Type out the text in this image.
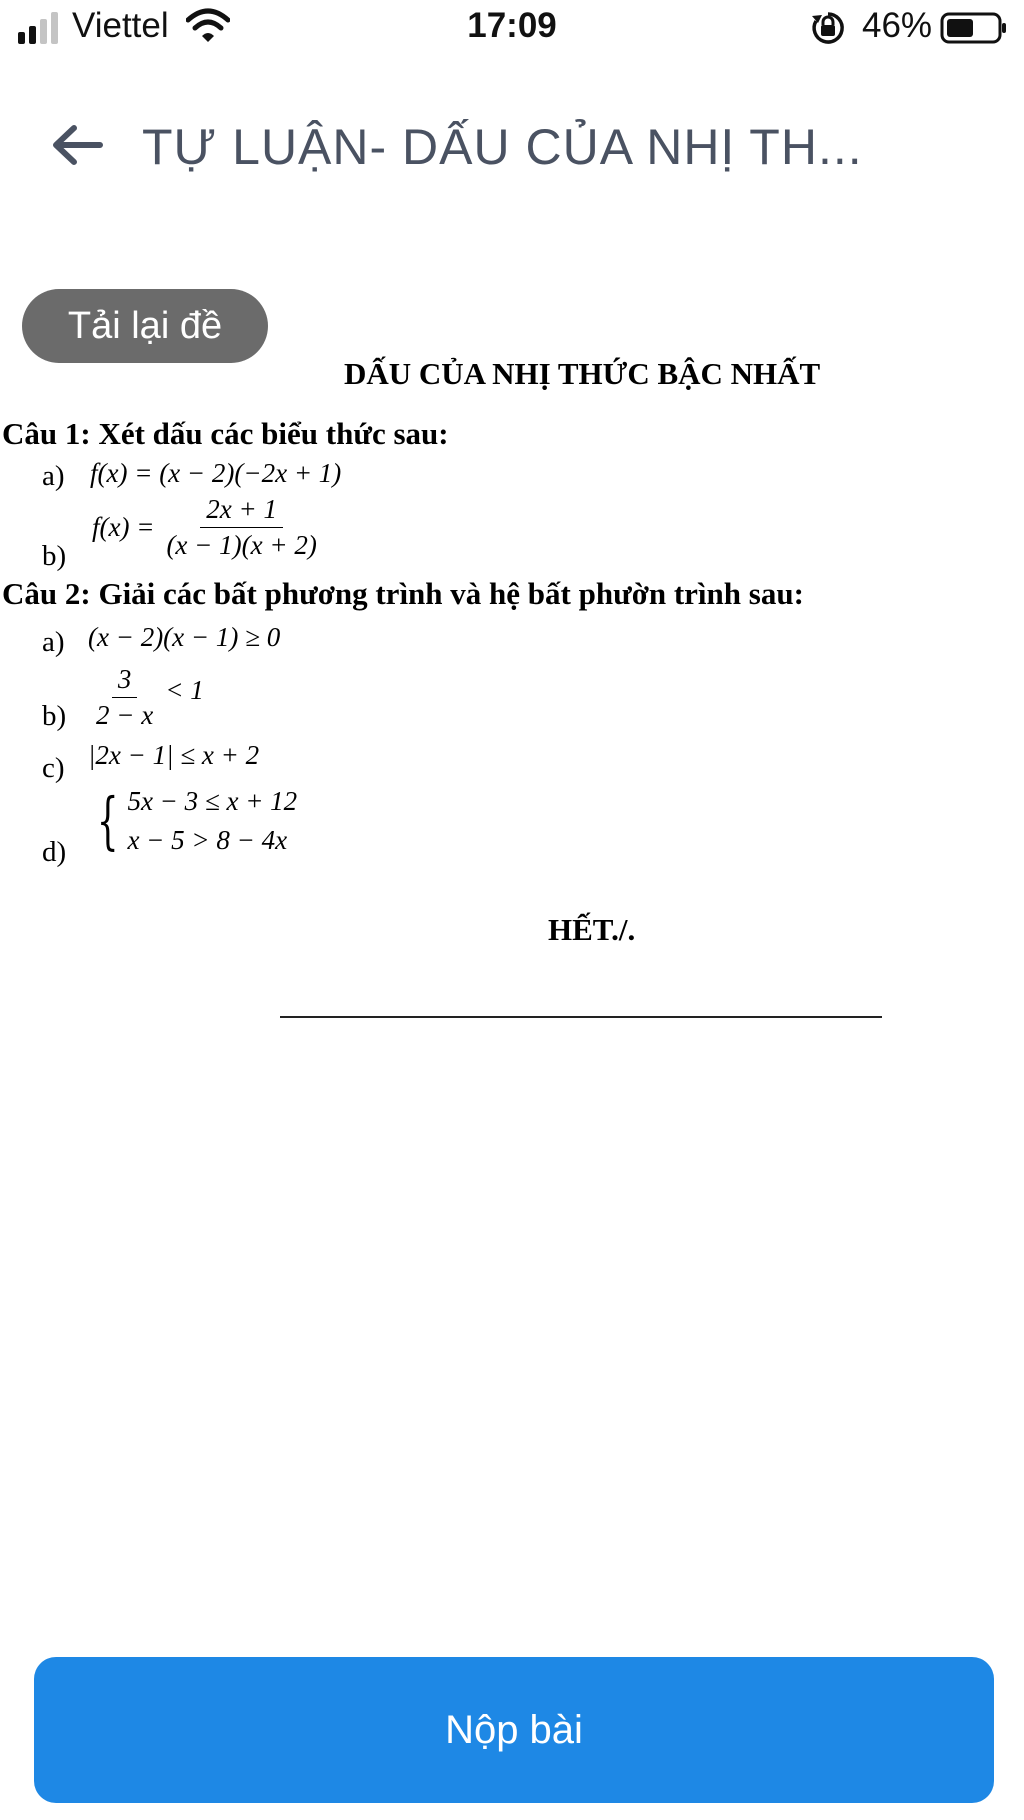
Viettel	17:09	46%
TỰ LUẬN- DẤU CỦA NHỊ TH...
Tải lại đề
DẤU CỦA NHỊ THỨC BẬC NHẤT
Câu 1: Xét dấu các biểu thức sau:
a) f(x) = (x − 2)(−2x + 1)
b)
$f(x) = \frac{2x + 1}{(x - 1)(x + 2)}$
Câu 2: Giải các bất phương trình và hệ bất phườn trình sau:
a) (x − 2)(x − 1) ≥ 0
$b) \frac{3}{2 - x} < 1$
c) |2x − 1| ≤ x + 2
d) { 5x − 3 ≤ x + 12
x − 5 > 8 − 4x
HẾT./.
Nộp bài
